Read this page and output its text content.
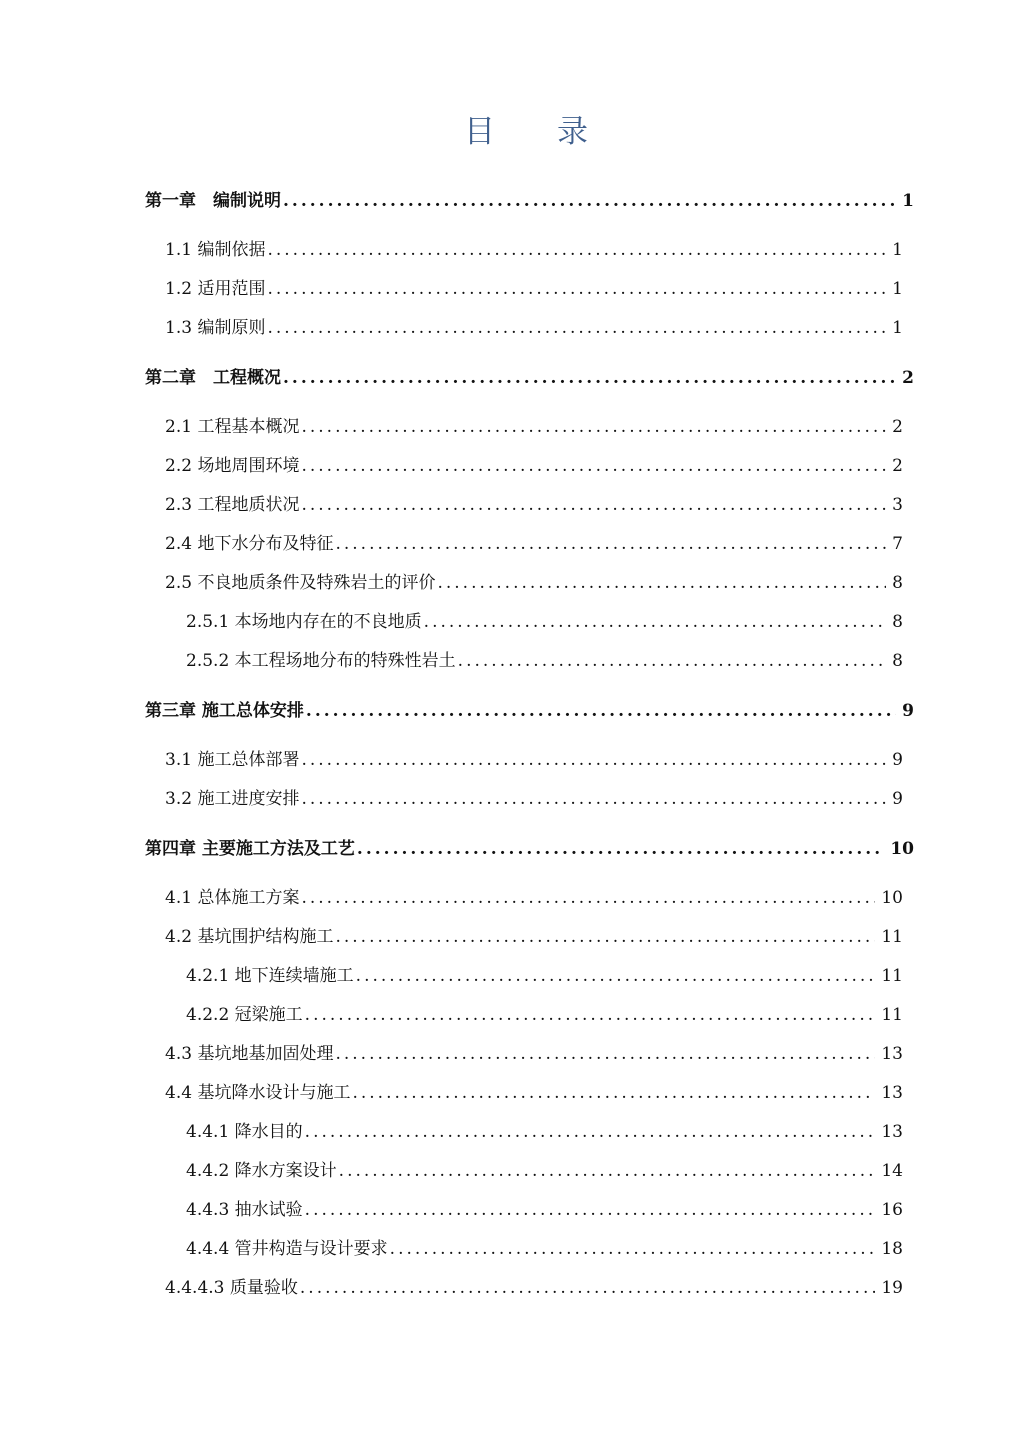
目 录
第一章　编制说明 .....	1
1.1 编制依据 .....	1
1.2 适用范围 .....	1
1.3 编制原则 .....	1
第二章　工程概况 .....	2
2.1 工程基本概况 .....	2
2.2 场地周围环境 .....	2
2.3 工程地质状况 .....	3
2.4 地下水分布及特征 .....	7
2.5 不良地质条件及特殊岩土的评价 .....	8
2.5.1 本场地内存在的不良地质 .....	8
2.5.2 本工程场地分布的特殊性岩土 .....	8
第三章 施工总体安排 .....	9
3.1 施工总体部署 .....	9
3.2 施工进度安排 .....	9
第四章 主要施工方法及工艺 .....	10
4.1 总体施工方案 .....	10
4.2 基坑围护结构施工 .....	11
4.2.1 地下连续墙施工 .....	11
4.2.2 冠梁施工 .....	11
4.3 基坑地基加固处理 .....	13
4.4 基坑降水设计与施工 .....	13
4.4.1 降水目的 .....	13
4.4.2 降水方案设计 .....	14
4.4.3 抽水试验 .....	16
4.4.4 管井构造与设计要求 .....	18
4.4.4.3 质量验收 .....	19
